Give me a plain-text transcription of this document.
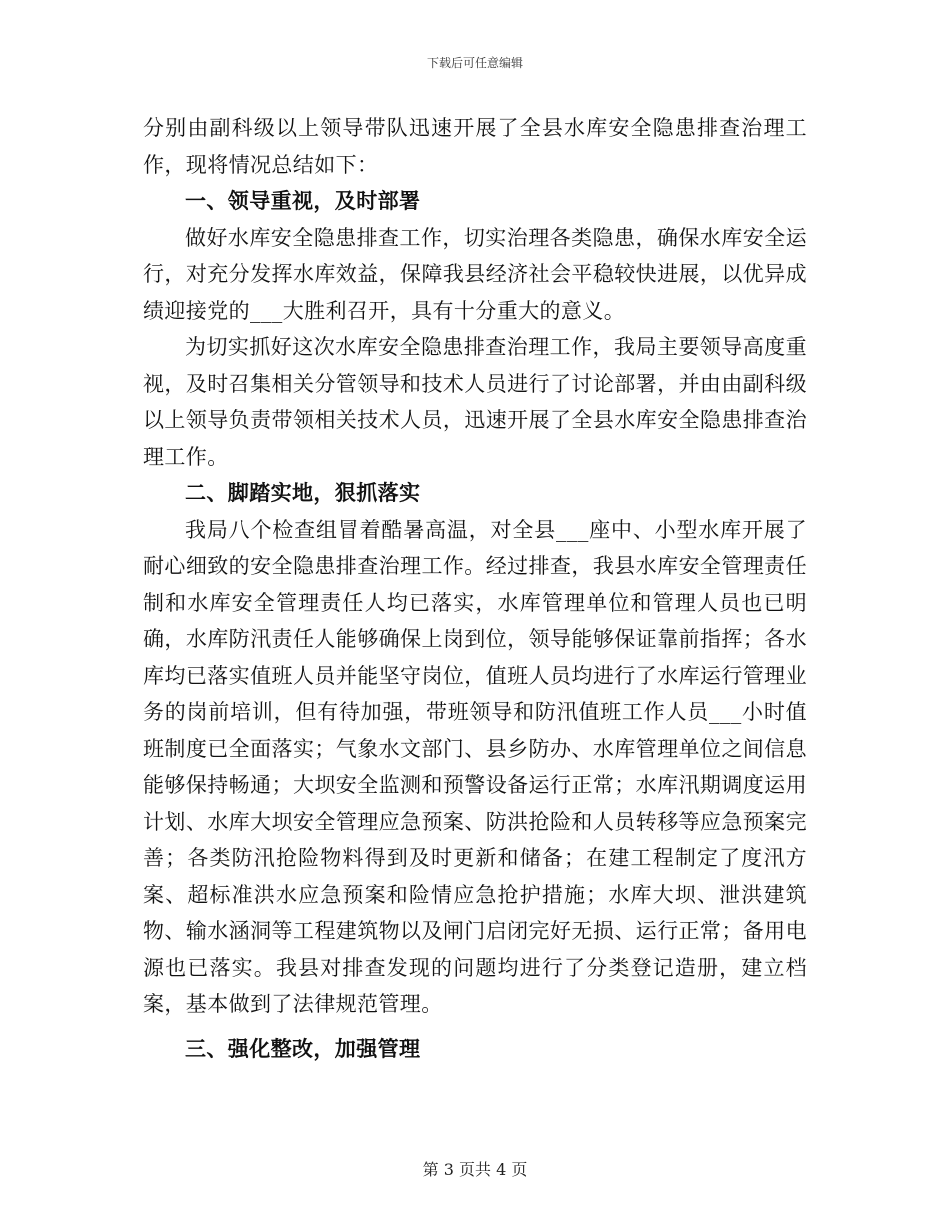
下载后可任意编辑

分别由副科级以上领导带队迅速开展了全县水库安全隐患排查治理工作，现将情况总结如下：

一、领导重视，及时部署

做好水库安全隐患排查工作，切实治理各类隐患，确保水库安全运行，对充分发挥水库效益，保障我县经济社会平稳较快进展，以优异成绩迎接党的___大胜利召开，具有十分重大的意义。

为切实抓好这次水库安全隐患排查治理工作，我局主要领导高度重视，及时召集相关分管领导和技术人员进行了讨论部署，并由由副科级以上领导负责带领相关技术人员，迅速开展了全县水库安全隐患排查治理工作。

二、脚踏实地，狠抓落实

我局八个检查组冒着酷暑高温，对全县___座中、小型水库开展了耐心细致的安全隐患排查治理工作。经过排查，我县水库安全管理责任制和水库安全管理责任人均已落实，水库管理单位和管理人员也已明确，水库防汛责任人能够确保上岗到位，领导能够保证靠前指挥；各水库均已落实值班人员并能坚守岗位，值班人员均进行了水库运行管理业务的岗前培训，但有待加强，带班领导和防汛值班工作人员___小时值班制度已全面落实；气象水文部门、县乡防办、水库管理单位之间信息能够保持畅通；大坝安全监测和预警设备运行正常；水库汛期调度运用计划、水库大坝安全管理应急预案、防洪抢险和人员转移等应急预案完善；各类防汛抢险物料得到及时更新和储备；在建工程制定了度汛方案、超标准洪水应急预案和险情应急抢护措施；水库大坝、泄洪建筑物、输水涵洞等工程建筑物以及闸门启闭完好无损、运行正常；备用电源也已落实。我县对排查发现的问题均进行了分类登记造册，建立档案，基本做到了法律规范管理。

三、强化整改，加强管理
第 3 页共 4 页
